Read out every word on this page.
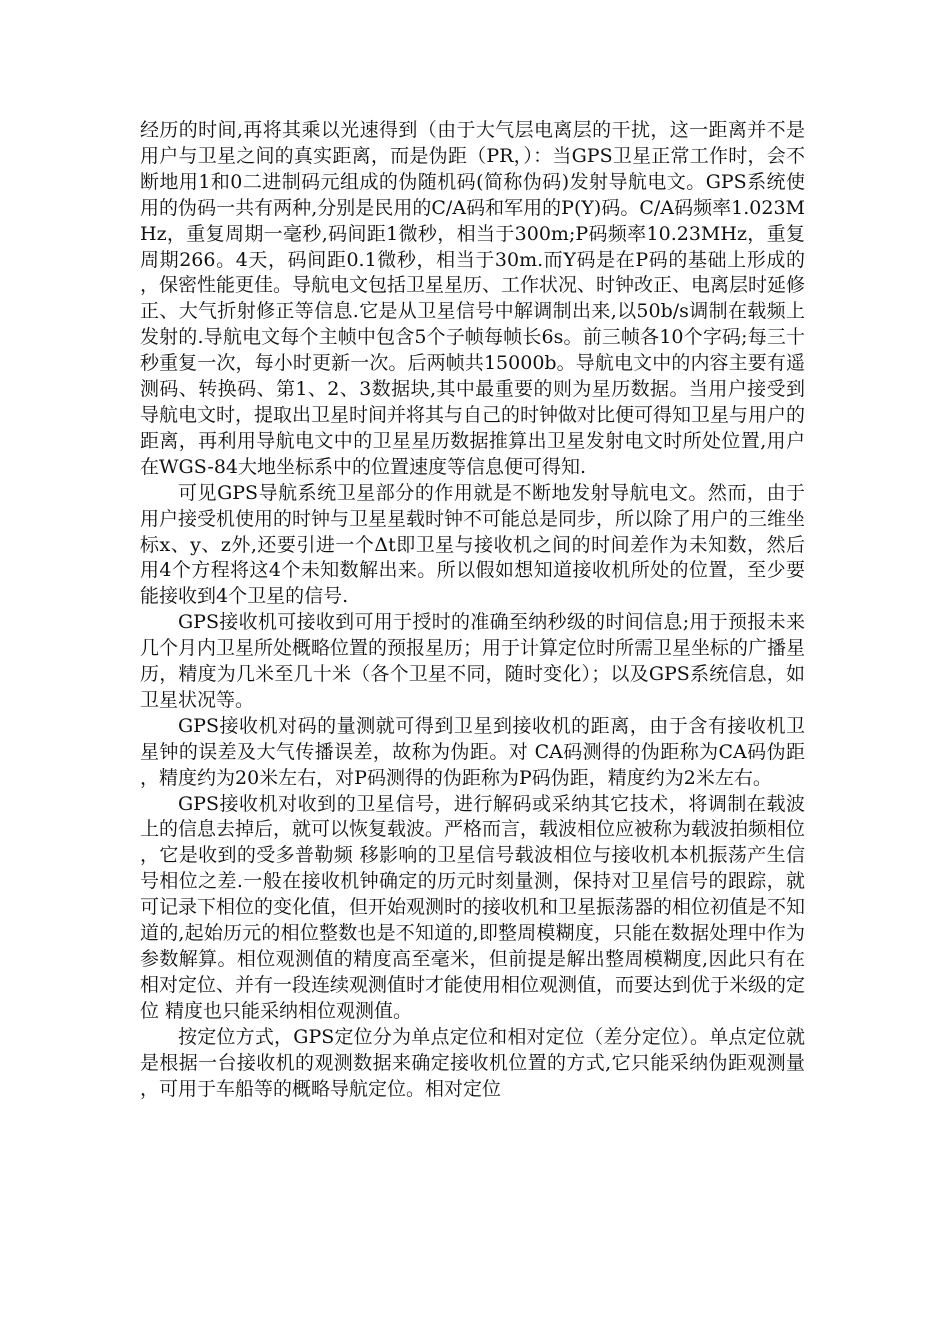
经历的时间,再将其乘以光速得到（由于大气层电离层的干扰，这一距离并不是用户与卫星之间的真实距离，而是伪距（PR，）：当GPS卫星正常工作时，会不断地用1和0二进制码元组成的伪随机码(简称伪码)发射导航电文。GPS系统使用的伪码一共有两种,分别是民用的C/A码和军用的P(Y)码。C/A码频率1.023MHz，重复周期一毫秒,码间距1微秒，相当于300m;P码频率10.23MHz，重复周期266。4天，码间距0.1微秒，相当于30m.而Y码是在P码的基础上形成的，保密性能更佳。导航电文包括卫星星历、工作状况、时钟改正、电离层时延修正、大气折射修正等信息.它是从卫星信号中解调制出来,以50b/s调制在载频上发射的.导航电文每个主帧中包含5个子帧每帧长6s。前三帧各10个字码;每三十秒重复一次，每小时更新一次。后两帧共15000b。导航电文中的内容主要有遥测码、转换码、第1、2、3数据块,其中最重要的则为星历数据。当用户接受到导航电文时，提取出卫星时间并将其与自己的时钟做对比便可得知卫星与用户的距离，再利用导航电文中的卫星星历数据推算出卫星发射电文时所处位置,用户在WGS-84大地坐标系中的位置速度等信息便可得知.

可见GPS导航系统卫星部分的作用就是不断地发射导航电文。然而，由于用户接受机使用的时钟与卫星星载时钟不可能总是同步，所以除了用户的三维坐标x、y、z外,还要引进一个Δt即卫星与接收机之间的时间差作为未知数，然后用4个方程将这4个未知数解出来。所以假如想知道接收机所处的位置，至少要能接收到4个卫星的信号.

GPS接收机可接收到可用于授时的准确至纳秒级的时间信息;用于预报未来几个月内卫星所处概略位置的预报星历；用于计算定位时所需卫星坐标的广播星历，精度为几米至几十米（各个卫星不同，随时变化）；以及GPS系统信息，如卫星状况等。

GPS接收机对码的量测就可得到卫星到接收机的距离，由于含有接收机卫星钟的误差及大气传播误差，故称为伪距。对 CA码测得的伪距称为CA码伪距，精度约为20米左右，对P码测得的伪距称为P码伪距，精度约为2米左右。

GPS接收机对收到的卫星信号，进行解码或采纳其它技术，将调制在载波上的信息去掉后，就可以恢复载波。严格而言，载波相位应被称为载波拍频相位，它是收到的受多普勒频 移影响的卫星信号载波相位与接收机本机振荡产生信号相位之差.一般在接收机钟确定的历元时刻量测，保持对卫星信号的跟踪，就可记录下相位的变化值，但开始观测时的接收机和卫星振荡器的相位初值是不知道的,起始历元的相位整数也是不知道的,即整周模糊度，只能在数据处理中作为参数解算。相位观测值的精度高至毫米，但前提是解出整周模糊度,因此只有在相对定位、并有一段连续观测值时才能使用相位观测值，而要达到优于米级的定位 精度也只能采纳相位观测值。

按定位方式，GPS定位分为单点定位和相对定位（差分定位）。单点定位就是根据一台接收机的观测数据来确定接收机位置的方式,它只能采纳伪距观测量，可用于车船等的概略导航定位。相对定位
